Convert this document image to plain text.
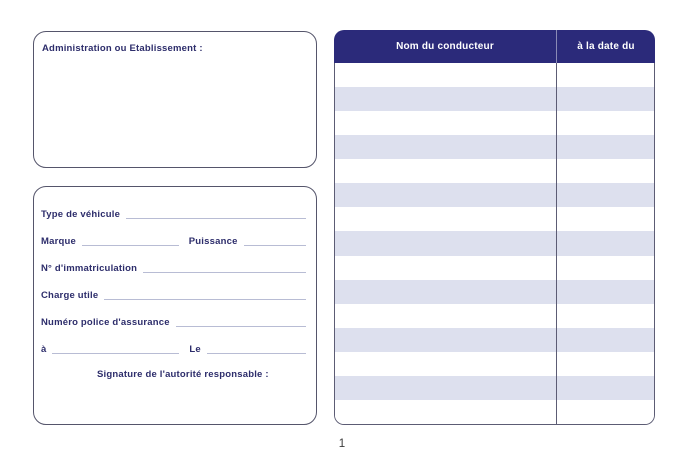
Administration ou Etablissement :
Type de véhicule
Marque	Puissance
N° d'immatriculation
Charge utile
Numéro police d'assurance
à	Le
Signature de l'autorité responsable :
Nom du conducteur	à la date du
1
